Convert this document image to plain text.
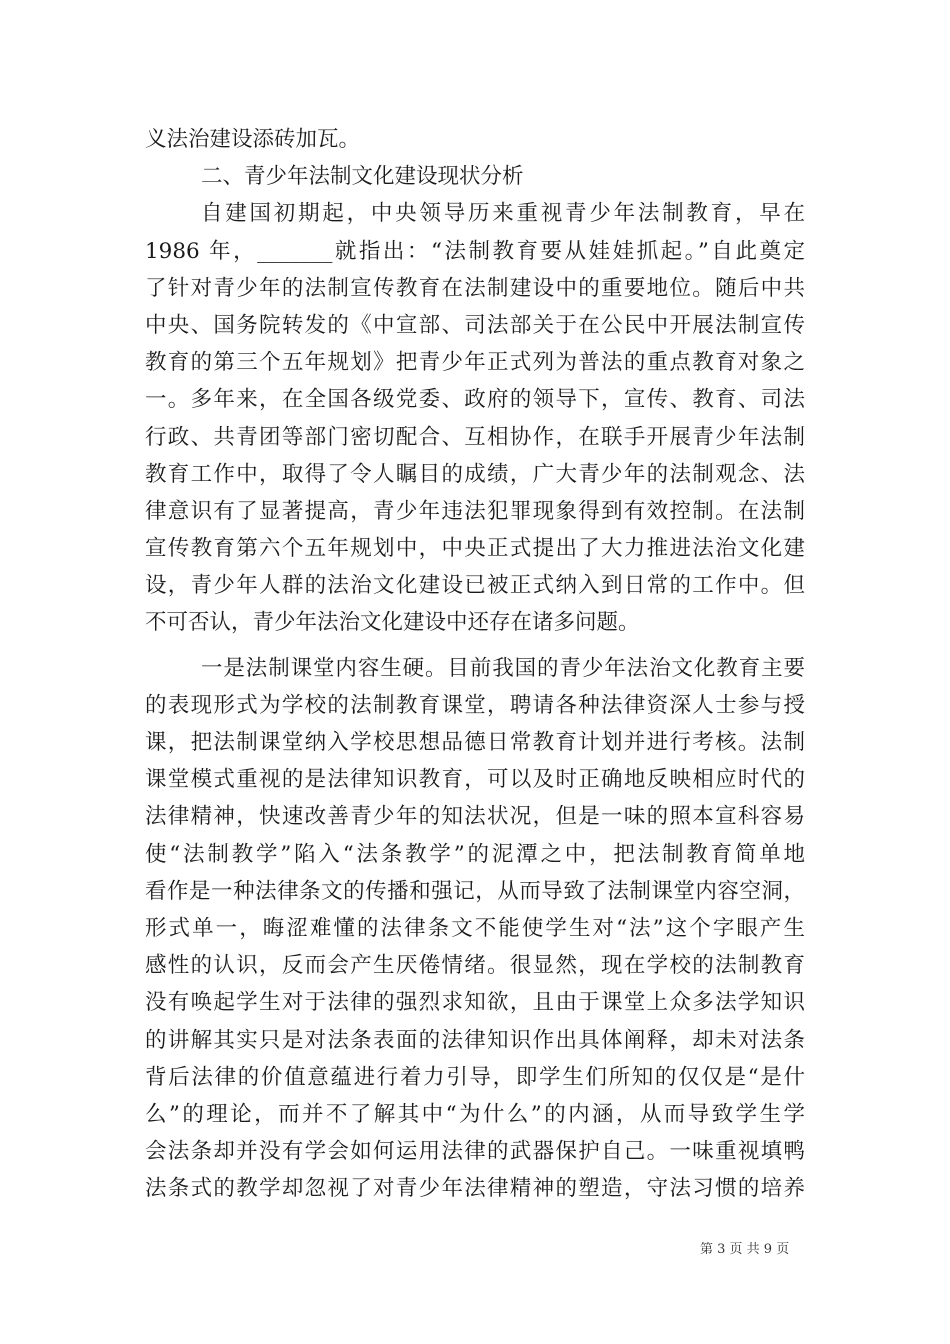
义法治建设添砖加瓦。
二、青少年法制文化建设现状分析
自建国初期起，中央领导历来重视青少年法制教育，早在
1986 年，_______就指出：“法制教育要从娃娃抓起。”自此奠定
了针对青少年的法制宣传教育在法制建设中的重要地位。随后中共
中央、国务院转发的《中宣部、司法部关于在公民中开展法制宣传
教育的第三个五年规划》把青少年正式列为普法的重点教育对象之
一。多年来，在全国各级党委、政府的领导下，宣传、教育、司法
行政、共青团等部门密切配合、互相协作，在联手开展青少年法制
教育工作中，取得了令人瞩目的成绩，广大青少年的法制观念、法
律意识有了显著提高，青少年违法犯罪现象得到有效控制。在法制
宣传教育第六个五年规划中，中央正式提出了大力推进法治文化建
设，青少年人群的法治文化建设已被正式纳入到日常的工作中。但
不可否认，青少年法治文化建设中还存在诸多问题。
一是法制课堂内容生硬。目前我国的青少年法治文化教育主要
的表现形式为学校的法制教育课堂，聘请各种法律资深人士参与授
课，把法制课堂纳入学校思想品德日常教育计划并进行考核。法制
课堂模式重视的是法律知识教育，可以及时正确地反映相应时代的
法律精神，快速改善青少年的知法状况，但是一味的照本宣科容易
使“法制教学”陷入“法条教学”的泥潭之中，把法制教育简单地
看作是一种法律条文的传播和强记，从而导致了法制课堂内容空洞，
形式单一，晦涩难懂的法律条文不能使学生对“法”这个字眼产生
感性的认识，反而会产生厌倦情绪。很显然，现在学校的法制教育
没有唤起学生对于法律的强烈求知欲，且由于课堂上众多法学知识
的讲解其实只是对法条表面的法律知识作出具体阐释，却未对法条
背后法律的价值意蕴进行着力引导，即学生们所知的仅仅是“是什
么”的理论，而并不了解其中“为什么”的内涵，从而导致学生学
会法条却并没有学会如何运用法律的武器保护自己。一味重视填鸭
法条式的教学却忽视了对青少年法律精神的塑造，守法习惯的培养
第 3 页 共 9 页
